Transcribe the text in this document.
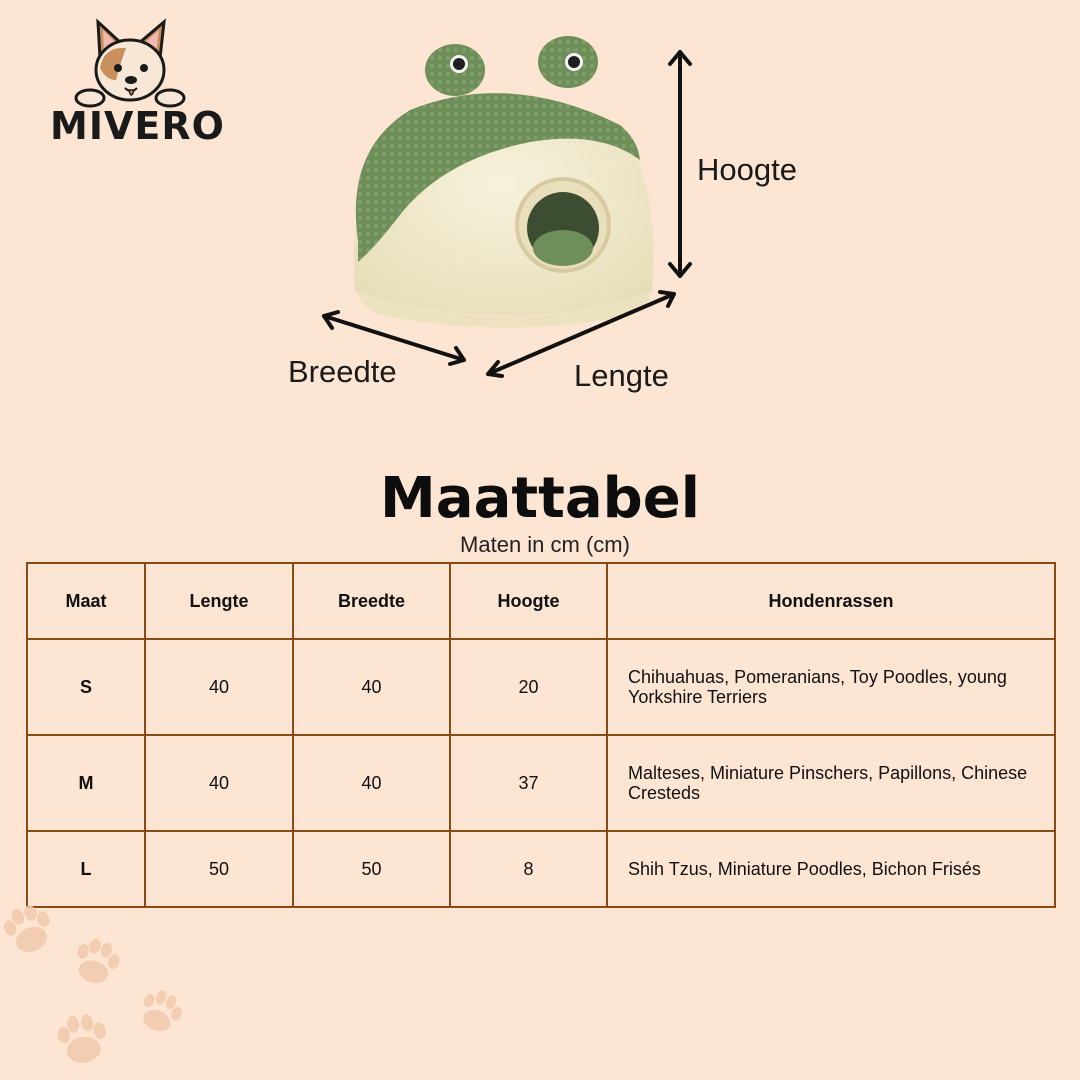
MIVERO
Hoogte
Breedte	Lengte
Maattabel
Maten in cm (cm)
Maat	Lengte	Breedte	Hoogte	Hondenrassen
S	40	40	20	Chihuahuas, Pomeranians, Toy Poodles, young Yorkshire Terriers
M	40	40	37	Malteses, Miniature Pinschers, Papillons, Chinese Cresteds
L	50	50	8	Shih Tzus, Miniature Poodles, Bichon Frisés
